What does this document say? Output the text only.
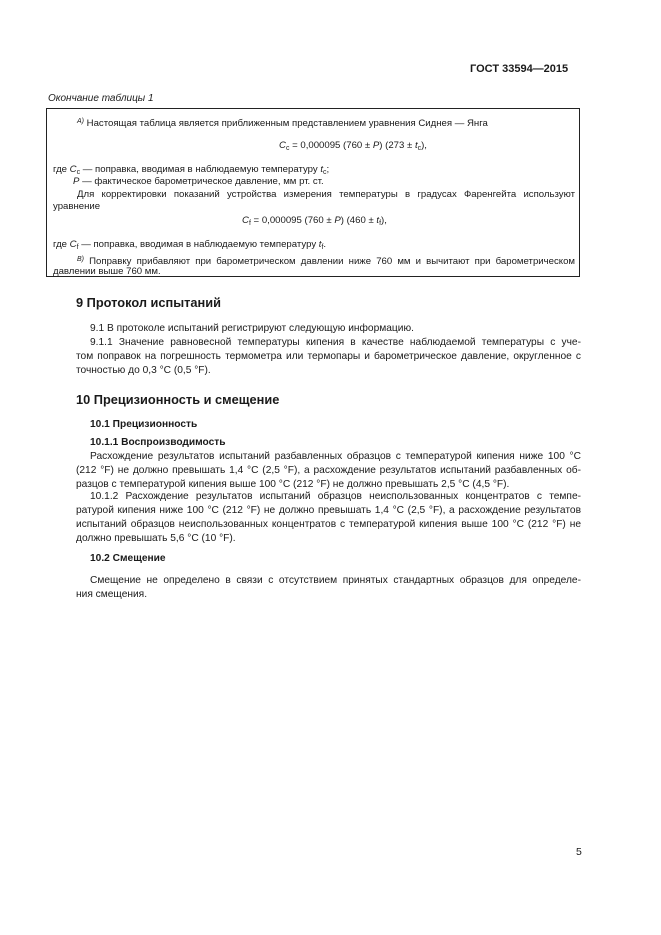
ГОСТ 33594—2015
Окончание таблицы 1
$^{А)}$ Настоящая таблица является приближенным представлением уравнения Сиднея — Янга
$C_c = 0,000095$ (760 ± P) $(273 \pm t_c)$,
где $C_c$ — поправка, вводимая в наблюдаемую температуру $t_c$;
P — фактическое барометрическое давление, мм рт. ст.
Для корректировки показаний устройства измерения температуры в градусах Фаренгейта используют
уравнение
$C_f = 0,000095$ (760 ± P) $(460 \pm t_f)$,
где $C_f$ — поправка, вводимая в наблюдаемую температуру $t_f$.
$^{B)}$ Поправку прибавляют при барометрическом давлении ниже 760 мм и вычитают при барометрическом
давлении выше 760 мм.
9 Протокол испытаний
9.1 В протоколе испытаний регистрируют следующую информацию.
9.1.1 Значение равновесной температуры кипения в качестве наблюдаемой температуры с уче-
том поправок на погрешность термометра или термопары и барометрическое давление, округленное с
точностью до 0,3 °C (0,5 °F).
10 Прецизионность и смещение
10.1 Прецизионность
10.1.1 Воспроизводимость
Расхождение результатов испытаний разбавленных образцов с температурой кипения ниже 100 °C
(212 °F) не должно превышать 1,4 °C (2,5 °F), а расхождение результатов испытаний разбавленных об-
разцов с температурой кипения выше 100 °C (212 °F) не должно превышать 2,5 °C (4,5 °F).
10.1.2 Расхождение результатов испытаний образцов неиспользованных концентратов с темпе-
ратурой кипения ниже 100 °C (212 °F) не должно превышать 1,4 °C (2,5 °F), а расхождение результатов
испытаний образцов неиспользованных концентратов с температурой кипения выше 100 °C (212 °F) не
должно превышать 5,6 °C (10 °F).
10.2 Смещение
Смещение не определено в связи с отсутствием принятых стандартных образцов для определе-
ния смещения.
5
